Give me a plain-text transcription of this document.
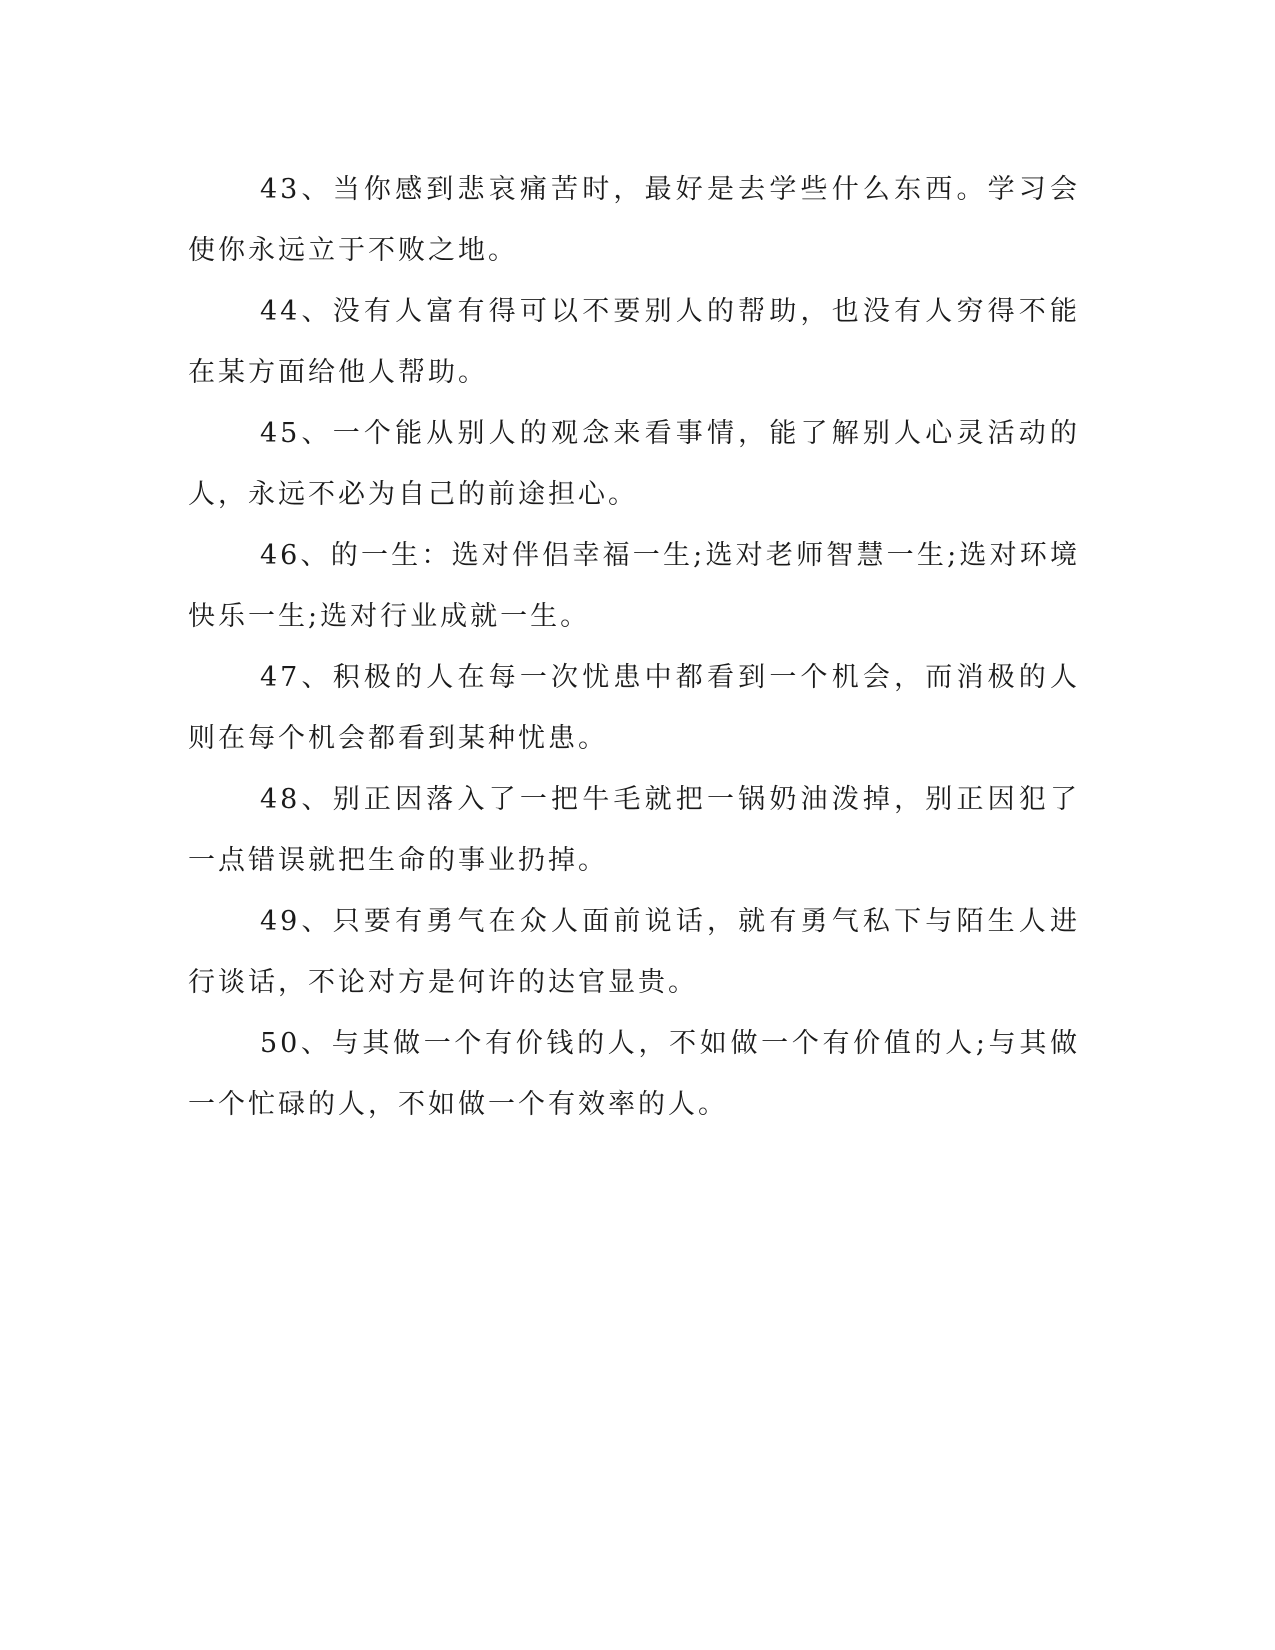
43、当你感到悲哀痛苦时，最好是去学些什么东西。学习会使你永远立于不败之地。

44、没有人富有得可以不要别人的帮助，也没有人穷得不能在某方面给他人帮助。

45、一个能从别人的观念来看事情，能了解别人心灵活动的人，永远不必为自己的前途担心。

46、的一生：选对伴侣幸福一生;选对老师智慧一生;选对环境快乐一生;选对行业成就一生。

47、积极的人在每一次忧患中都看到一个机会，而消极的人则在每个机会都看到某种忧患。

48、别正因落入了一把牛毛就把一锅奶油泼掉，别正因犯了一点错误就把生命的事业扔掉。

49、只要有勇气在众人面前说话，就有勇气私下与陌生人进行谈话，不论对方是何许的达官显贵。

50、与其做一个有价钱的人，不如做一个有价值的人;与其做一个忙碌的人，不如做一个有效率的人。
